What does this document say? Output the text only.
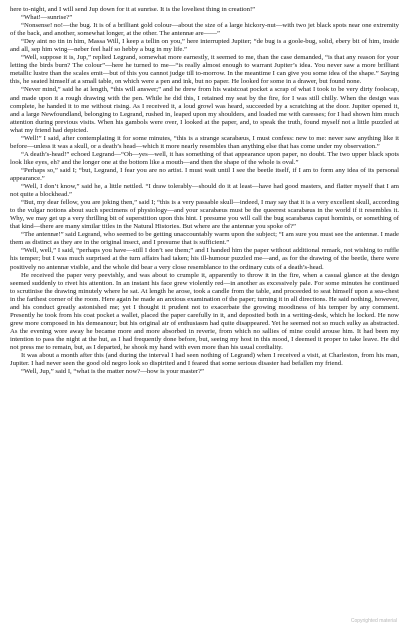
here to-night, and I will send Jup down for it at sunrise. It is the loveliest thing in creation!”

“What!—sunrise?”

“Nonsense! no!—the bug. It is of a brilliant gold colour—about the size of a large hickory-nut—with two jet black spots near one extremity of the back, and another, somewhat longer, at the other. The antennæ are——”

“Dey aint no tin in him, Massa Will, I keep a tellin on you,” here interrupted Jupiter; “de bug is a goole-bug, solid, ebery bit of him, inside and all, sep him wing—neber feel half so hebby a bug in my life.”

“Well, suppose it is, Jup,” replied Legrand, somewhat more earnestly, it seemed to me, than the case demanded, “is that any reason for your letting the birds burn? The colour”—here he turned to me—“is really almost enough to warrant Jupiter’s idea. You never saw a more brilliant metallic lustre than the scales emit—but of this you cannot judge till to-morrow. In the meantime I can give you some idea of the shape.” Saying this, he seated himself at a small table, on which were a pen and ink, but no paper. He looked for some in a drawer, but found none.

“Never mind,” said he at length, “this will answer;” and he drew from his waistcoat pocket a scrap of what I took to be very dirty foolscap, and made upon it a rough drawing with the pen. While he did this, I retained my seat by the fire, for I was still chilly. When the design was complete, he handed it to me without rising. As I received it, a loud growl was heard, succeeded by a scratching at the door. Jupiter opened it, and a large Newfoundland, belonging to Legrand, rushed in, leaped upon my shoulders, and loaded me with caresses; for I had shown him much attention during previous visits. When his gambols were over, I looked at the paper, and, to speak the truth, found myself not a little puzzled at what my friend had depicted.

“Well!” I said, after contemplating it for some minutes, “this is a strange scarabæus, I must confess: new to me: never saw anything like it before—unless it was a skull, or a death’s head—which it more nearly resembles than anything else that has come under my observation.”

“A death’s-head!” echoed Legrand—“Oh—yes—well, it has something of that appearance upon paper, no doubt. The two upper black spots look like eyes, eh? and the longer one at the bottom like a mouth—and then the shape of the whole is oval.”

“Perhaps so,” said I; “but, Legrand, I fear you are no artist. I must wait until I see the beetle itself, if I am to form any idea of its personal appearance.”

“Well, I don’t know,” said he, a little nettled. “I draw tolerably—should do it at least—have had good masters, and flatter myself that I am not quite a blockhead.”

“But, my dear fellow, you are joking then,” said I; “this is a very passable skull—indeed, I may say that it is a very excellent skull, according to the vulgar notions about such specimens of physiology—and your scarabæus must be the queerest scarabæus in the world if it resembles it. Why, we may get up a very thrilling bit of superstition upon this hint. I presume you will call the bug scarabæus caput hominis, or something of that kind—there are many similar titles in the Natural Histories. But where are the antennæ you spoke of?”

“The antennæ!” said Legrand, who seemed to be getting unaccountably warm upon the subject; “I am sure you must see the antennæ. I made them as distinct as they are in the original insect, and I presume that is sufficient.”

“Well, well,” I said, “perhaps you have—still I don’t see them;” and I handed him the paper without additional remark, not wishing to ruffle his temper; but I was much surprised at the turn affairs had taken; his ill-humour puzzled me—and, as for the drawing of the beetle, there were positively no antennæ visible, and the whole did bear a very close resemblance to the ordinary cuts of a death’s-head.

He received the paper very peevishly, and was about to crumple it, apparently to throw it in the fire, when a casual glance at the design seemed suddenly to rivet his attention. In an instant his face grew violently red—in another as excessively pale. For some minutes he continued to scrutinise the drawing minutely where he sat. At length he arose, took a candle from the table, and proceeded to seat himself upon a sea-chest in the farthest corner of the room. Here again he made an anxious examination of the paper; turning it in all directions. He said nothing, however, and his conduct greatly astonished me; yet I thought it prudent not to exacerbate the growing moodiness of his temper by any comment. Presently he took from his coat pocket a wallet, placed the paper carefully in it, and deposited both in a writing-desk, which he locked. He now grew more composed in his demeanour; but his original air of enthusiasm had quite disappeared. Yet he seemed not so much sulky as abstracted. As the evening wore away he became more and more absorbed in reverie, from which no sallies of mine could arouse him. It had been my intention to pass the night at the hut, as I had frequently done before, but, seeing my host in this mood, I deemed it proper to take leave. He did not press me to remain, but, as I departed, he shook my hand with even more than his usual cordiality.

It was about a month after this (and during the interval I had seen nothing of Legrand) when I received a visit, at Charleston, from his man, Jupiter. I had never seen the good old negro look so dispirited and I feared that some serious disaster had befallen my friend.

“Well, Jup,” said I, “what is the matter now?—how is your master?”

Copyrighted material
